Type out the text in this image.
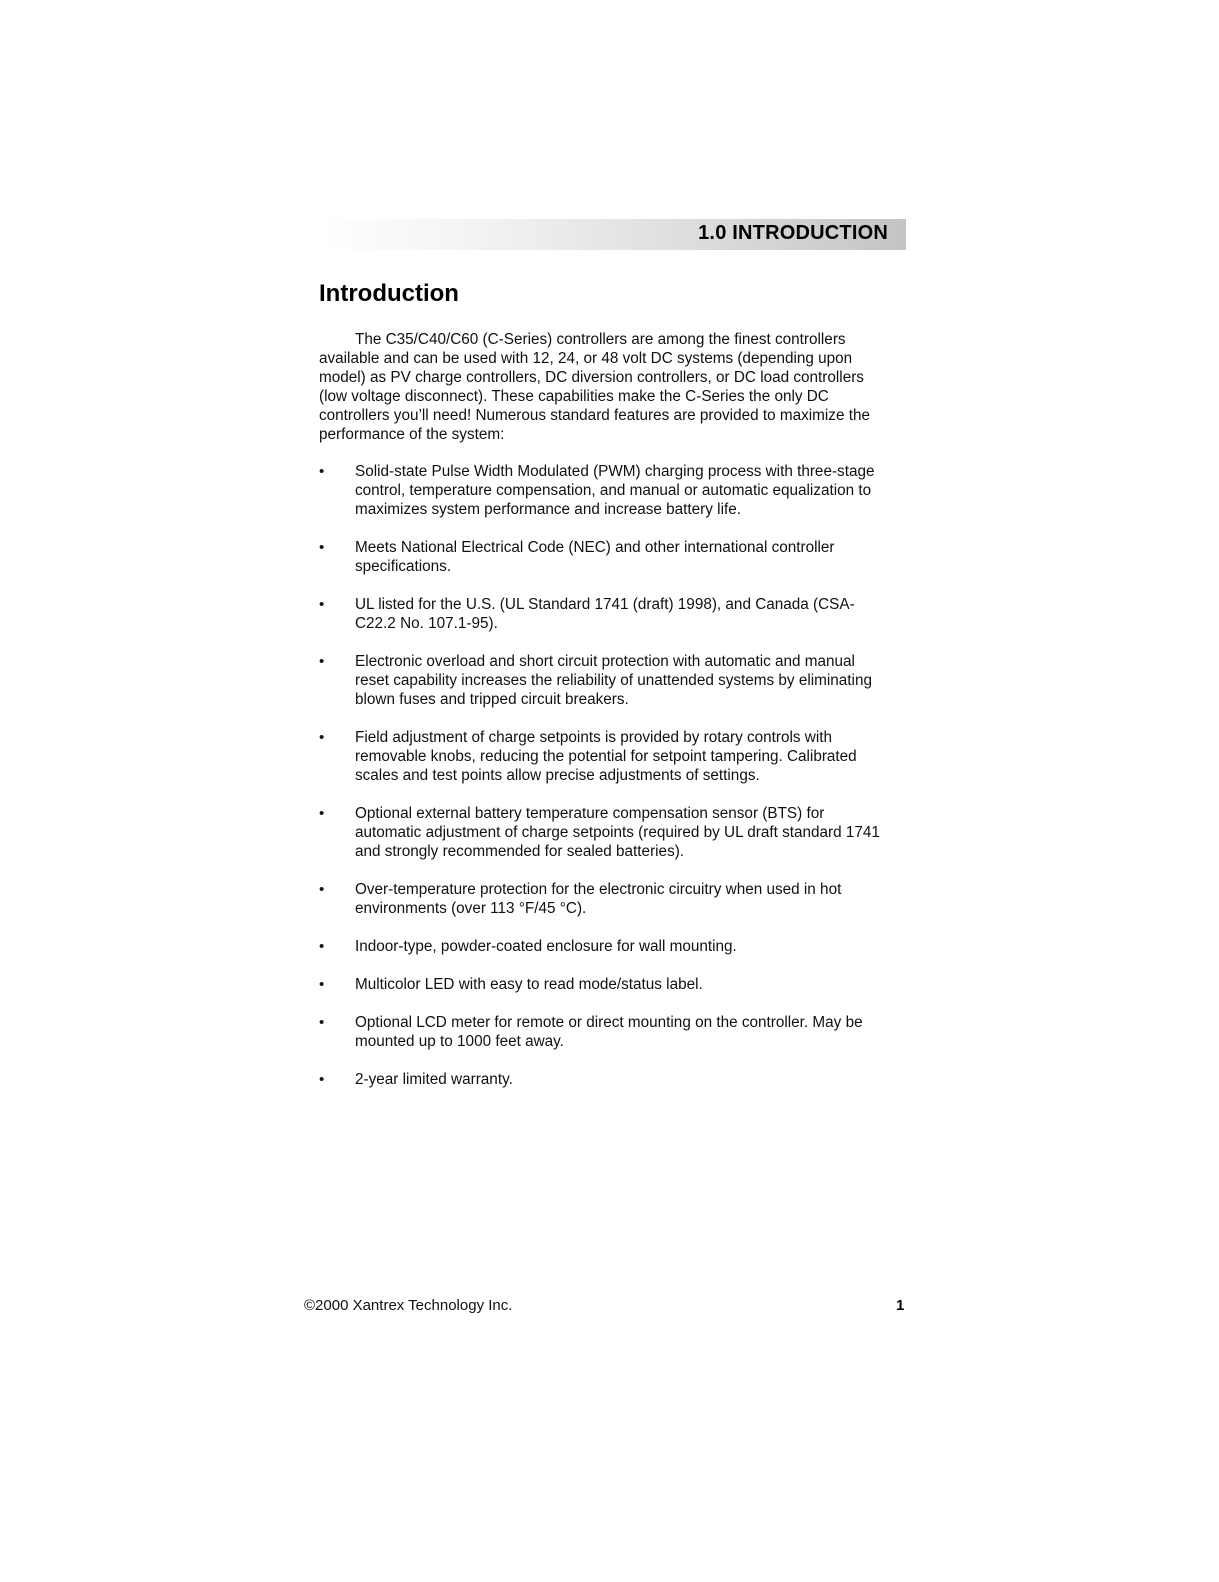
1.0 INTRODUCTION
Introduction

The C35/C40/C60 (C-Series) controllers are among the finest controllers available and can be used with 12, 24, or 48 volt DC systems (depending upon model) as PV charge controllers, DC diversion controllers, or DC load controllers (low voltage disconnect). These capabilities make the C-Series the only DC controllers you’ll need! Numerous standard features are provided to maximize the performance of the system:

• Solid-state Pulse Width Modulated (PWM) charging process with three-stage control, temperature compensation, and manual or automatic equalization to maximizes system performance and increase battery life.
• Meets National Electrical Code (NEC) and other international controller specifications.
• UL listed for the U.S. (UL Standard 1741 (draft) 1998), and Canada (CSA-C22.2 No. 107.1-95).
• Electronic overload and short circuit protection with automatic and manual reset capability increases the reliability of unattended systems by eliminating blown fuses and tripped circuit breakers.
• Field adjustment of charge setpoints is provided by rotary controls with removable knobs, reducing the potential for setpoint tampering. Calibrated scales and test points allow precise adjustments of settings.
• Optional external battery temperature compensation sensor (BTS) for automatic adjustment of charge setpoints (required by UL draft standard 1741 and strongly recommended for sealed batteries).
• Over-temperature protection for the electronic circuitry when used in hot environments (over 113 °F/45 °C).
• Indoor-type, powder-coated enclosure for wall mounting.
• Multicolor LED with easy to read mode/status label.
• Optional LCD meter for remote or direct mounting on the controller. May be mounted up to 1000 feet away.
• 2-year limited warranty.
©2000 Xantrex Technology Inc.	1
